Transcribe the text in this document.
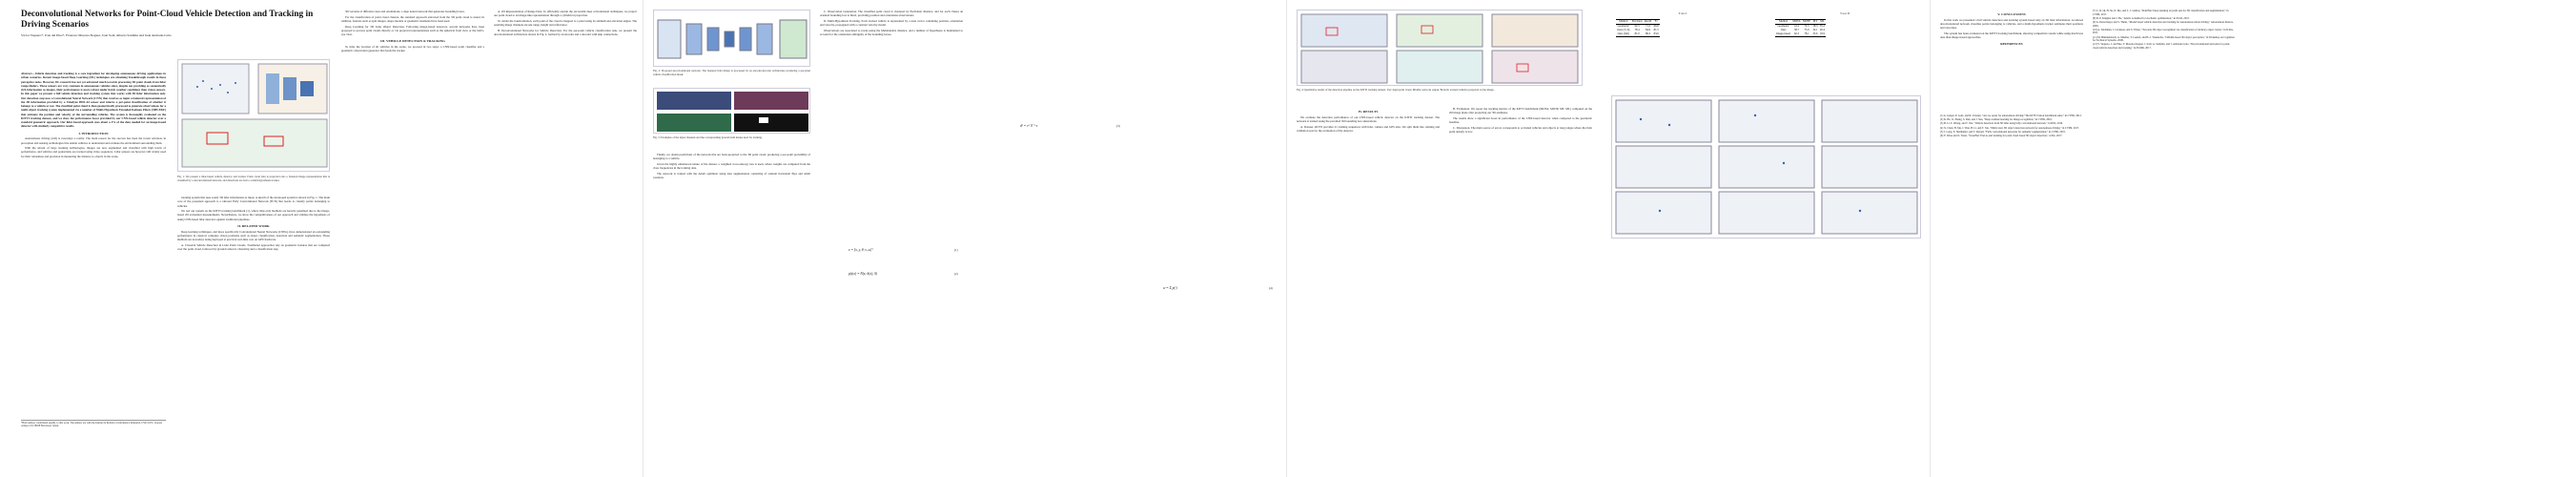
Deconvolutional Networks for Point-Cloud Vehicle Detection and Tracking in Driving Scenarios
Víctor Vaquero*, Ivan del Pino*, Francesc Moreno-Noguer, Joan Solà, Alberto Sanfeliu and Juan Andrade-Cetto

Abstract—Vehicle detection and tracking is a core ingredient for developing autonomous driving applications in urban scenarios. Recent image-based Deep Learning (DL) techniques are obtaining breakthrough results in these perceptive tasks. However, DL research has not yet advanced much towards processing 3D point clouds from lidar range-finders. These sensors are very common in autonomous vehicles since, despite not providing as semantically rich information as images, their performance is more robust under harsh weather conditions than vision sensors. In this paper we present a full vehicle detection and tracking system that works with 3D lidar information only. Our detection step uses a Convolutional Neural Network (CNN) that receives as input a featured representation of the 3D information provided by a Velodyne HDL-64 sensor and returns a per-point classification of whether it belongs to a vehicle or not. The classified point cloud is then geometrically processed to generate observations for a multi-object tracking system implemented via a number of Multi-Hypothesis Extended Kalman Filters (MH-EKF) that estimate the position and velocity of the surrounding vehicles. The system is thoroughly evaluated on the KITTI tracking dataset, and we show the performance boost provided by our CNN-based vehicle detector over a standard geometric approach. Our lidar-based approach uses about a 4% of the data needed for an image-based detector with similarly competitive results.

I. INTRODUCTION

Autonomous driving (AD) is nowadays a reality. The main reason for the success has been the recent advances in perception and sensing technologies that enable vehicles to understand and evaluate the environment surrounding them.

With the advent of large learning technologies, images are now segmented and classified with high levels of performance, and vehicles and pedestrians are tracked using video sequences. Lidar sensors are however still widely used for their robustness and precision in measuring the distance to objects in the scene.

*Both authors contributed equally to this work. The authors are with the Institut de Robòtica i Informàtica Industrial, CSIC-UPC, Llorens Artigas 4-6, 08028 Barcelona, Spain.
Fig. 1: We present a lidar-based vehicle detector and tracker. Point cloud data is projected onto a featured image representation that is classified by a deconvolutional network, and detections are fed to a multi-hypothesis tracker.

tracking system that uses solely 3D lidar information as input. A sketch of the developed system is shown in Fig. 1. The main core of the presented approach is a tailored Fully Convolutional Network (FCN) that learns to classify points belonging to vehicles.

We test our system on the KITTI tracking benchmark [1], where lidar-only methods are heavily penalized due to the image-based 2D evaluation measurements. Nevertheless, we show the competitiveness of our approach and validate the hypothesis of using CNN-based lidar detectors against traditional pipelines.

II. RELATED WORK

Deep learning techniques, and more specifically Convolutional Neural Networks (CNNs), have demonstrated an outstanding performance in classical computer vision problems such as object classification, detection and semantic segmentation. Those methods are nowadays being deployed at practical real-time cost on GPU hardware.

A. Classical Vehicle Detection in Lidar Point Clouds. Traditional approaches rely on geometric features that are computed over the point cloud, followed by ground removal, clustering and a classification step.

3D versions of different cases and orientations, a deep neural network that generates bounding boxes.

For the classification of point cloud clusters, the standard approach extracted from the 3D point cloud is stated. In addition, features such as spin images, shape models or geometric moments have been used.

Deep Learning for 3D Lidar Object Detection. Following image-based detectors, several networks have been proposed to process point clouds directly or via projected representations such as the spherical front view or the bird's-eye view.

III. VEHICLE DETECTION & TRACKING

To infer the location of all vehicles in the scene, we proceed in two steps: a CNN-based point classifier and a geometric observation generator that feeds the tracker.

A. 2D Representation of Range Data. To efficiently exploit the successful deep convolutional techniques, we project our point cloud to an image-like representation through a cylindrical projection.

To obtain the transformation, each point of the cloud is mapped to a pixel using its azimuth and elevation angles. The resulting image channels encode range, height and reflectance.

B. Deconvolutional Networks for Vehicle Detection. For the per-point vehicle classification task, we present the deconvolutional architecture shown in Fig. 2, formed by an encoder and a decoder with skip connections.

Fig. 2: Proposed deconvolutional network. The featured lidar image is processed by an encoder-decoder architecture producing a per-pixel vehicle classification mask.
Fig. 3: Examples of the input channels and the corresponding ground truth masks used for training.

Finally, we obtain predictions of the network that are back-projected to the 3D point cloud, producing a per-point probability of belonging to a vehicle.

Given the highly unbalanced nature of the dataset, a weighted cross-entropy loss is used, where weights are computed from the class frequencies in the training data.

The network is trained with the Adam optimizer using data augmentation consisting of random horizontal flips and small rotations.

C. Observation Generation. The classified point cloud is clustered by Euclidean distance, and for each cluster an oriented bounding box is fitted, providing position and orientation observations.

D. Multi-Hypothesis Tracking. Each tracked vehicle is represented by a state vector containing position, orientation and velocity, propagated with a constant velocity model.

Observations are associated to tracks using the Mahalanobis distance, and a number of hypotheses is maintained to account for the orientation ambiguity of the bounding boxes.

x = [x, y, θ, v, ω]ᵀ	(1)
p(z|x) = N(z; h(x), S)	(2)
d² = νᵀ S⁻¹ ν	(3)
w = Σ p(·)	(4)
Fig. 4: Qualitative results of the detection pipeline on the KITTI tracking dataset. Top: input point cloud. Middle: network output. Bottom: tracked vehicles projected on the image.
IV. RESULTS

We evaluate the detection performance of our CNN-based vehicle detector on the KITTI tracking dataset. The network is trained using the provided 3D bounding box annotations.

A. Dataset. KITTI provides 21 training sequences with lidar, camera and GPS data. We split them into training and validation sets for the evaluation of the detector.

B. Evaluation. We report the tracking metrics of the KITTI benchmark (MOTA, MOTP, MT, ML) computed on the 2D image plane after projecting our 3D estimates.

The results show a significant boost in performance of the CNN-based detector when compared to the geometric baseline.

C. Discussion. The main source of errors corresponds to occluded vehicles and objects at long ranges where the lidar point density is low.

Table I
Method	Precision	Recall	F1
Geometric	62.5	71.2	66.6
Ours (3 ch)	78.4	84.9	81.5
Ours (full)	81.0	86.3	83.6
Table II
Method	MOTA	MOTP	MT	ML
Geometric	41.2	72.5	18.3	35.2
Ours	58.7	75.9	32.1	20.4
Image-based	62.3	78.1	35.6	18.9
V. CONCLUSIONS

In this work we presented a full vehicle detection and tracking system based only on 3D lidar information. A tailored deconvolutional network classifies points belonging to vehicles, and a multi-hypothesis tracker estimates their positions and velocities.

The system has been evaluated on the KITTI tracking benchmark, showing competitive results while using much less data than image-based approaches.

REFERENCES
[1] A. Geiger, P. Lenz, and R. Urtasun, "Are we ready for autonomous driving? The KITTI vision benchmark suite," in CVPR, 2012.
[2] K. He, X. Zhang, S. Ren, and J. Sun, "Deep residual learning for image recognition," in CVPR, 2016.
[3] B. Li, T. Zhang, and T. Xia, "Vehicle detection from 3D lidar using fully convolutional network," in RSS, 2016.
[4] X. Chen, H. Ma, J. Wan, B. Li, and T. Xia, "Multi-view 3D object detection network for autonomous driving," in CVPR, 2017.
[5] J. Long, E. Shelhamer, and T. Darrell, "Fully convolutional networks for semantic segmentation," in CVPR, 2015.
[6] Y. Zhou and O. Tuzel, "VoxelNet: End-to-end learning for point cloud based 3D object detection," arXiv, 2017.
[7] C. R. Qi, H. Su, K. Mo, and L. J. Guibas, "PointNet: Deep learning on point sets for 3D classification and segmentation," in CVPR, 2017.
[8] D. P. Kingma and J. Ba, "Adam: A method for stochastic optimization," in ICLR, 2015.
[9] A. Petrovskaya and S. Thrun, "Model based vehicle detection and tracking for autonomous urban driving," Autonomous Robots, 2009.
[10] A. Teichman, J. Levinson, and S. Thrun, "Towards 3D object recognition via classification of arbitrary object tracks," in ICRA, 2011.
[11] M. Himmelsbach, A. Mueller, T. Luettel, and H.-J. Wuensche, "LIDAR-based 3D object perception," in Workshop on Cognition for Technical Systems, 2008.
[12] V. Vaquero, I. del Pino, F. Moreno-Noguer, J. Solà, A. Sanfeliu, and J. Andrade-Cetto, "Deconvolutional networks for point-cloud vehicle detection and tracking," in ECMR, 2017.
